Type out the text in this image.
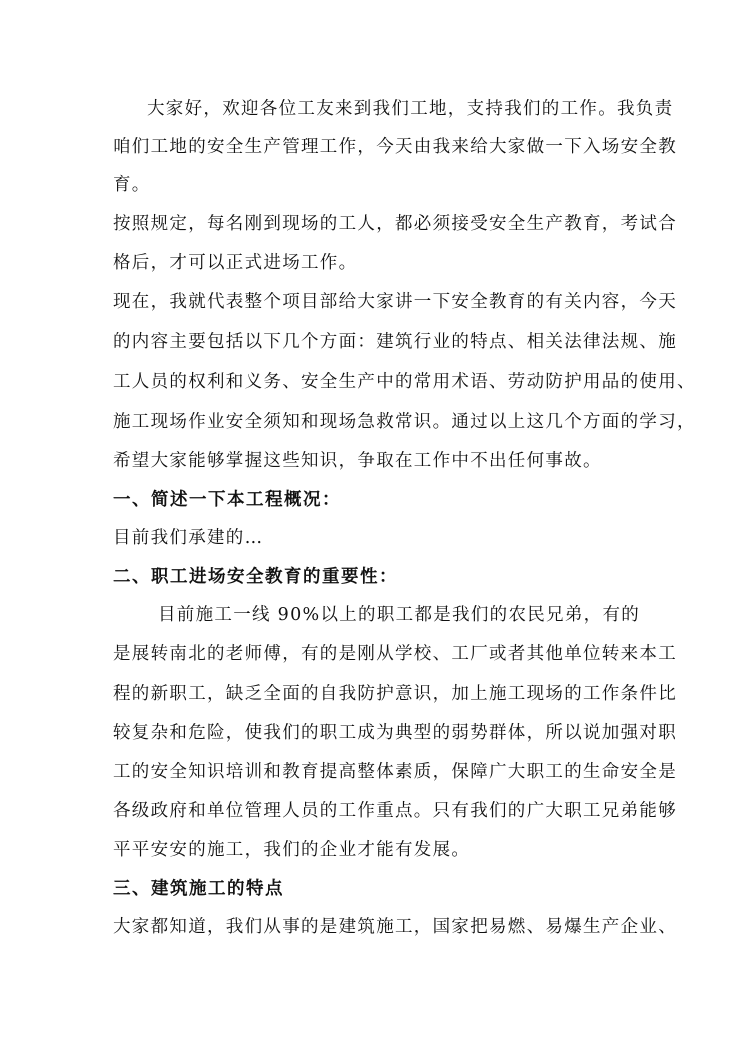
大家好，欢迎各位工友来到我们工地，支持我们的工作。我负责
咱们工地的安全生产管理工作，今天由我来给大家做一下入场安全教
育。
按照规定，每名刚到现场的工人，都必须接受安全生产教育，考试合
格后，才可以正式进场工作。
现在，我就代表整个项目部给大家讲一下安全教育的有关内容，今天
的内容主要包括以下几个方面：建筑行业的特点、相关法律法规、施
工人员的权利和义务、安全生产中的常用术语、劳动防护用品的使用、
施工现场作业安全须知和现场急救常识。通过以上这几个方面的学习，
希望大家能够掌握这些知识，争取在工作中不出任何事故。
一、简述一下本工程概况：
目前我们承建的…
二、职工进场安全教育的重要性：
目前施工一线 90%以上的职工都是我们的农民兄弟，有的
是展转南北的老师傅，有的是刚从学校、工厂或者其他单位转来本工
程的新职工，缺乏全面的自我防护意识，加上施工现场的工作条件比
较复杂和危险，使我们的职工成为典型的弱势群体，所以说加强对职
工的安全知识培训和教育提高整体素质，保障广大职工的生命安全是
各级政府和单位管理人员的工作重点。只有我们的广大职工兄弟能够
平平安安的施工，我们的企业才能有发展。
三、建筑施工的特点
大家都知道，我们从事的是建筑施工，国家把易燃、易爆生产企业、
